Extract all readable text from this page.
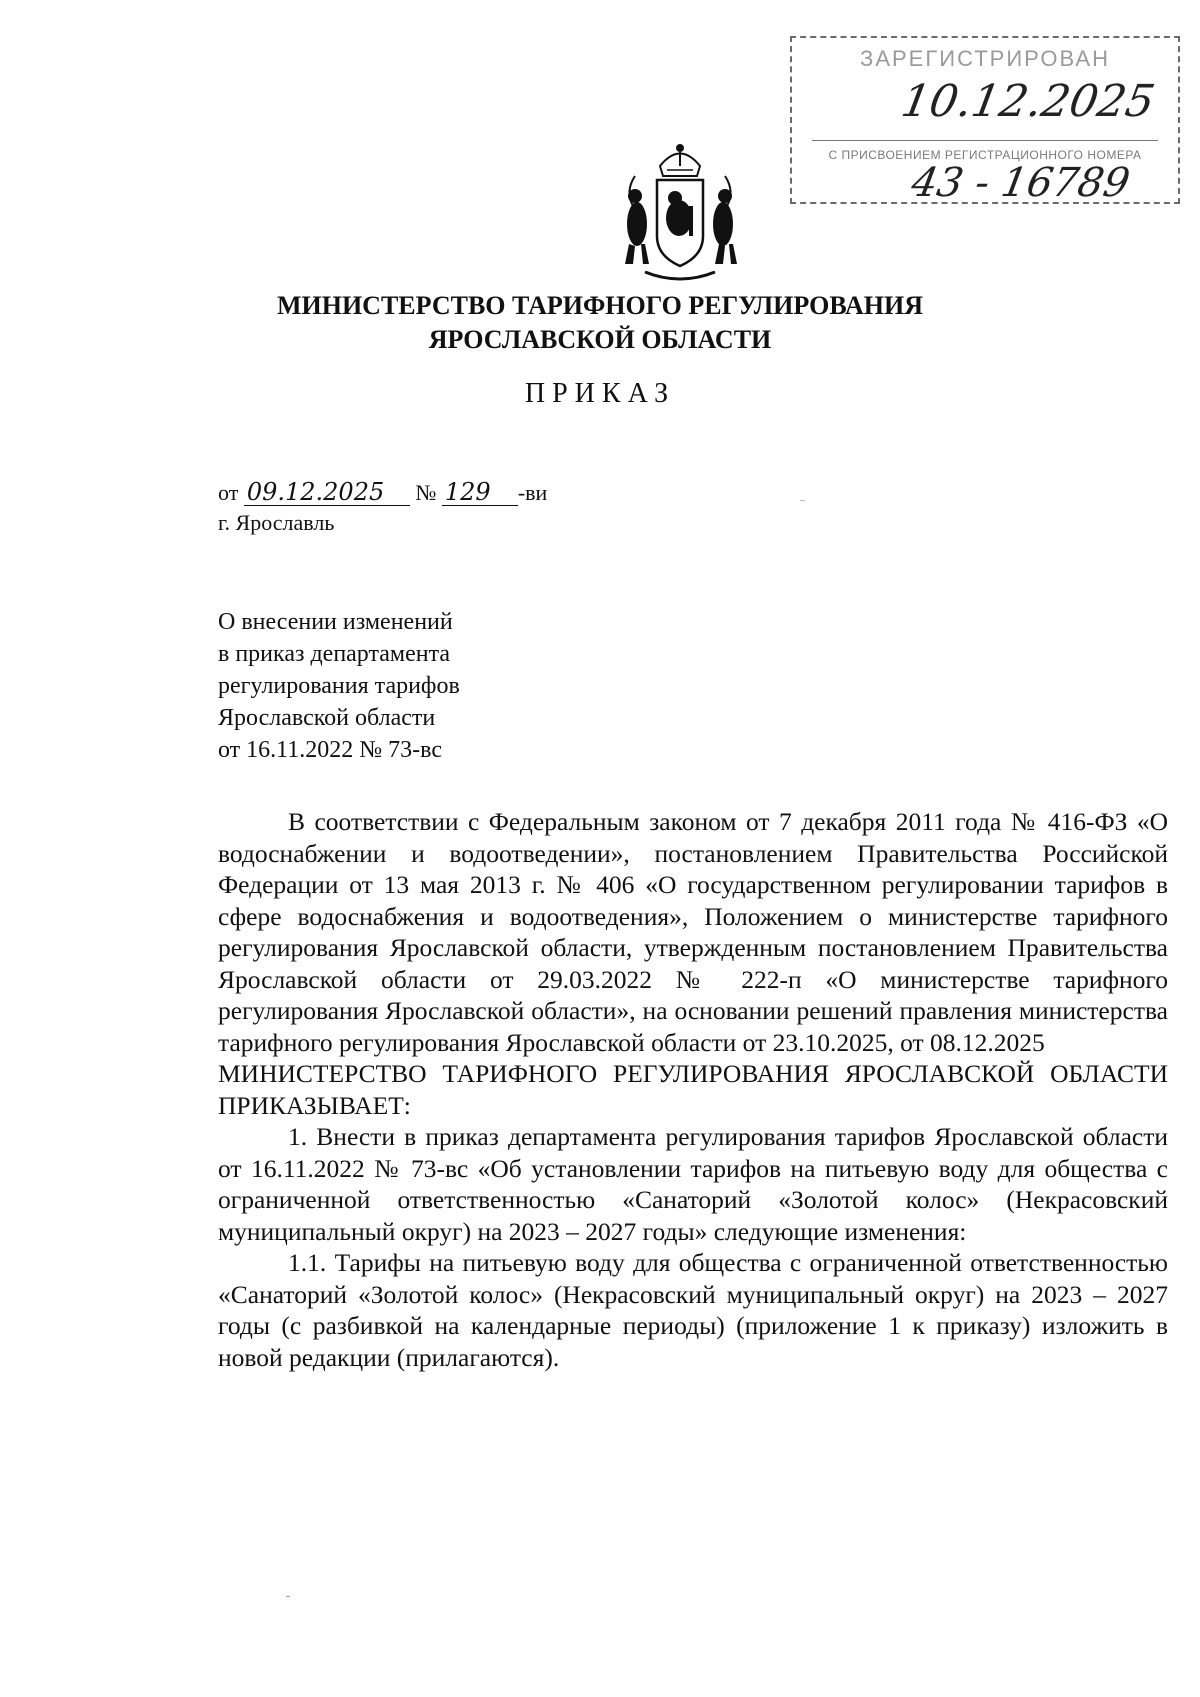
ЗАРЕГИСТРИРОВАН
10.12.2025
С ПРИСВОЕНИЕМ РЕГИСТРАЦИОННОГО НОМЕРА
43 - 16789
МИНИСТЕРСТВО ТАРИФНОГО РЕГУЛИРОВАНИЯ
ЯРОСЛАВСКОЙ ОБЛАСТИ
ПРИКАЗ
от 09.12.2025 № 129 -ви
г. Ярославль
О внесении изменений
в приказ департамента
регулирования тарифов
Ярославской области
от 16.11.2022 № 73-вс

В соответствии с Федеральным законом от 7 декабря 2011 года № 416-ФЗ «О водоснабжении и водоотведении», постановлением Правительства Российской Федерации от 13 мая 2013 г. № 406 «О государственном регулировании тарифов в сфере водоснабжения и водоотведения», Положением о министерстве тарифного регулирования Ярославской области, утвержденным постановлением Правительства Ярославской области от 29.03.2022 № 222-п «О министерстве тарифного регулирования Ярославской области», на основании решений правления министерства тарифного регулирования Ярославской области от 23.10.2025, от 08.12.2025

МИНИСТЕРСТВО ТАРИФНОГО РЕГУЛИРОВАНИЯ ЯРОСЛАВСКОЙ ОБЛАСТИ ПРИКАЗЫВАЕТ:

1. Внести в приказ департамента регулирования тарифов Ярославской области от 16.11.2022 № 73-вс «Об установлении тарифов на питьевую воду для общества с ограниченной ответственностью «Санаторий «Золотой колос» (Некрасовский муниципальный округ) на 2023 – 2027 годы» следующие изменения:

1.1. Тарифы на питьевую воду для общества с ограниченной ответственностью «Санаторий «Золотой колос» (Некрасовский муниципальный округ) на 2023 – 2027 годы (с разбивкой на календарные периоды) (приложение 1 к приказу) изложить в новой редакции (прилагаются).
